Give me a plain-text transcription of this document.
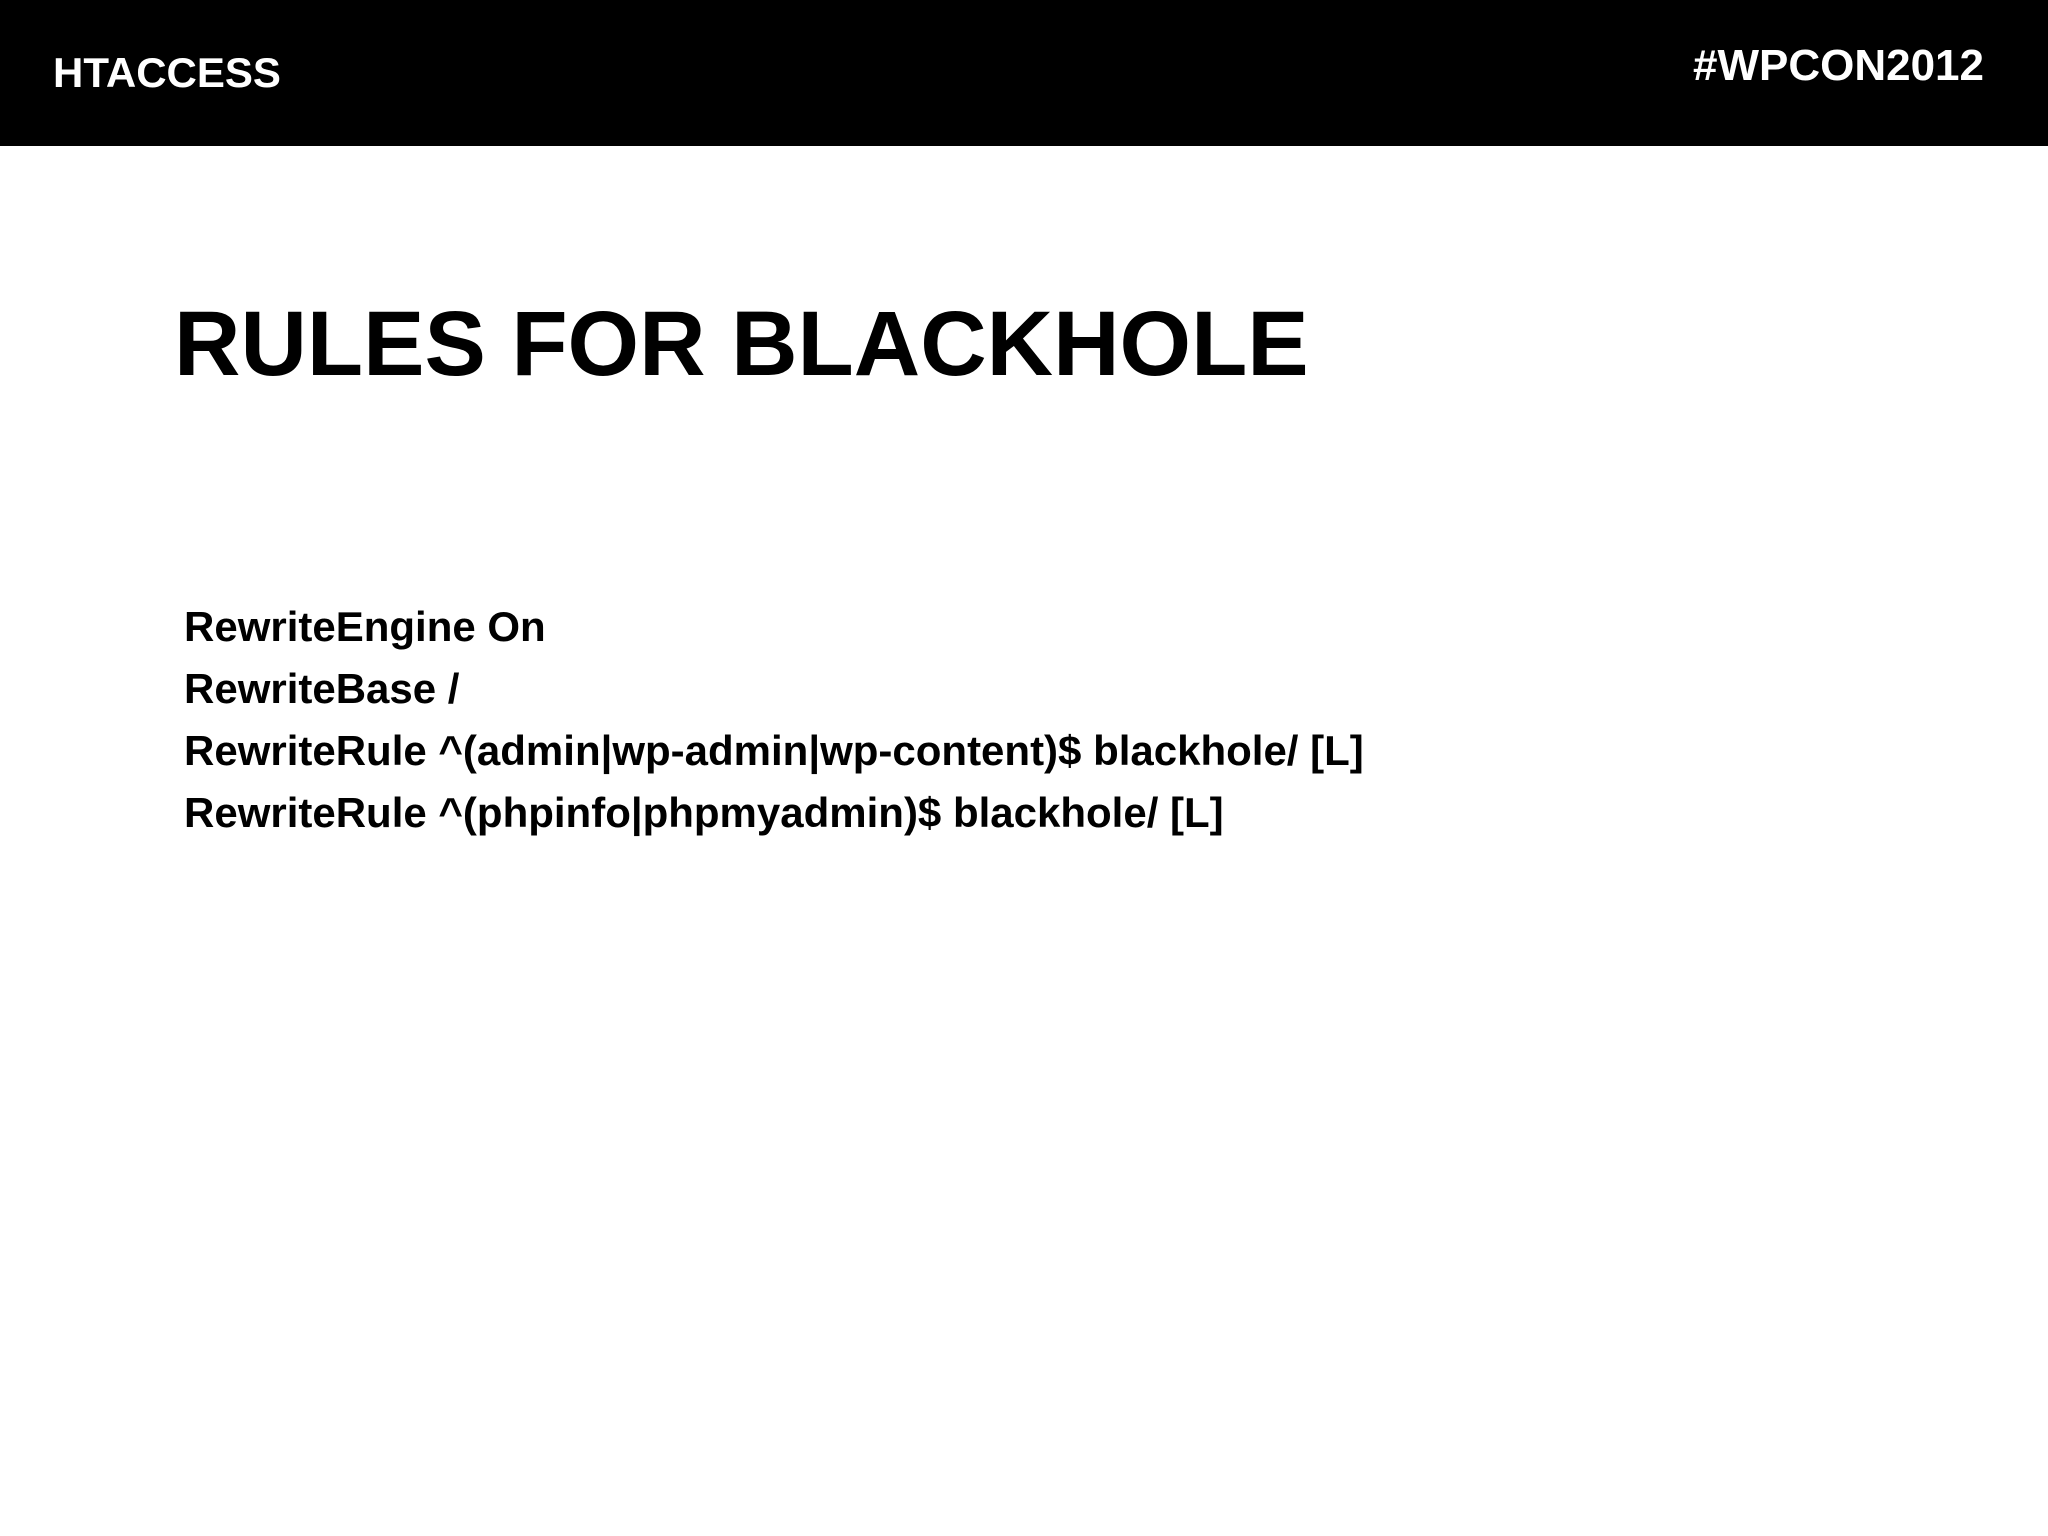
HTACCESS	#WPCON2012
RULES FOR BLACKHOLE
RewriteEngine On
RewriteBase /
RewriteRule ^(admin|wp-admin|wp-content)$ blackhole/ [L]
RewriteRule ^(phpinfo|phpmyadmin)$ blackhole/ [L]
